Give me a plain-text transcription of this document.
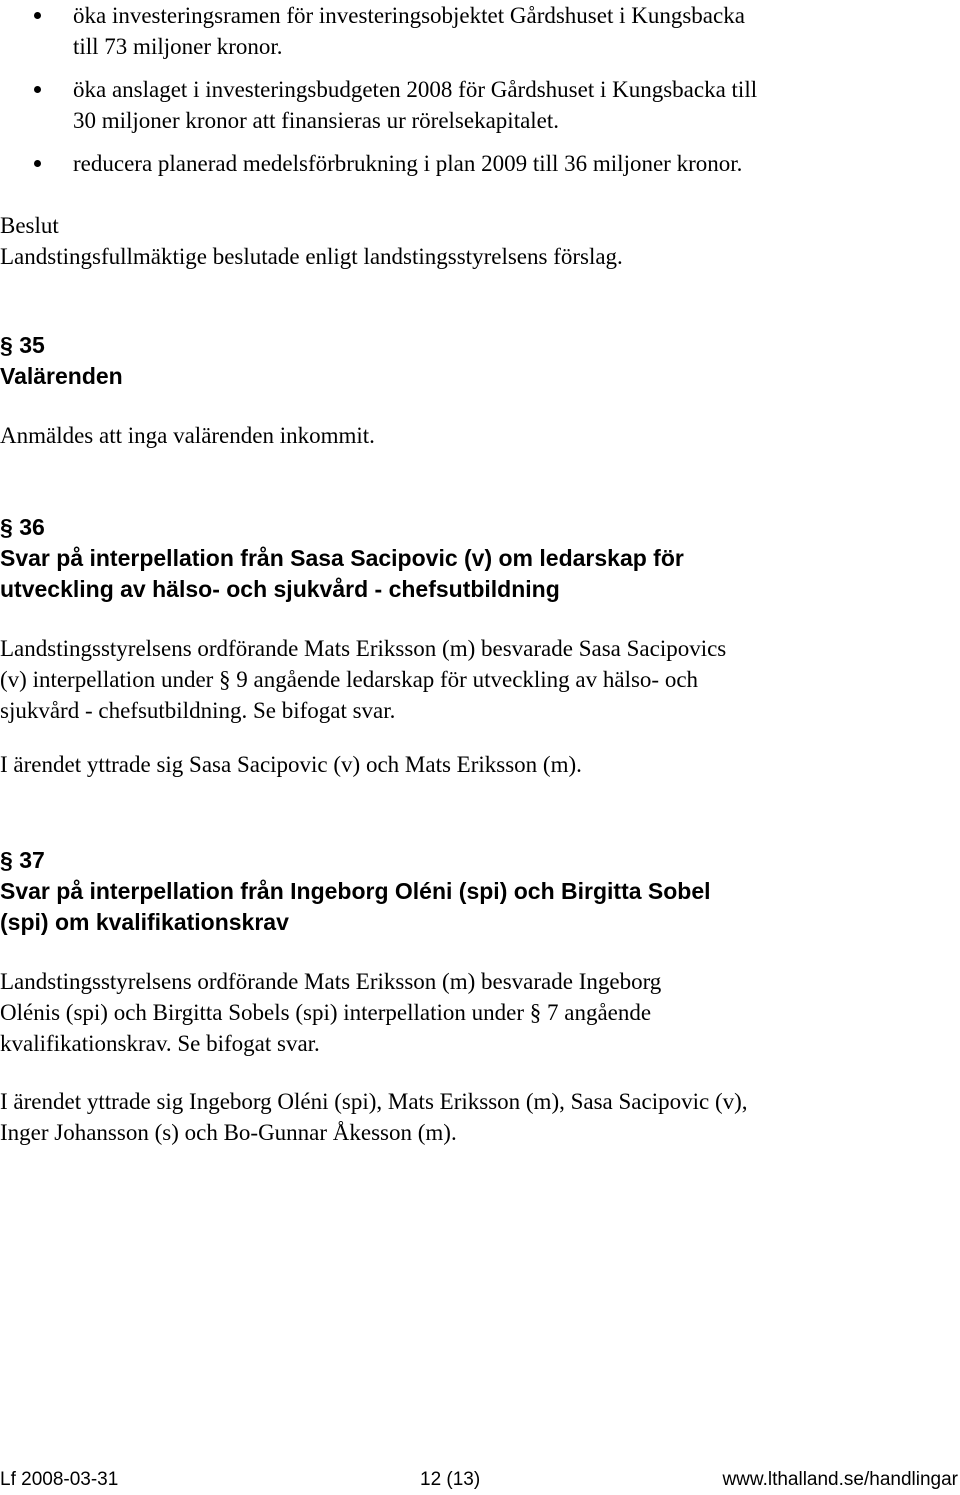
öka investeringsramen för investeringsobjektet Gårdshuset i Kungsbacka
till 73 miljoner kronor.
öka anslaget i investeringsbudgeten 2008 för Gårdshuset i Kungsbacka till
30 miljoner kronor att finansieras ur rörelsekapitalet.
reducera planerad medelsförbrukning i plan 2009 till 36 miljoner kronor.
Beslut
Landstingsfullmäktige beslutade enligt landstingsstyrelsens förslag.
§ 35
Valärenden
Anmäldes att inga valärenden inkommit.
§ 36
Svar på interpellation från Sasa Sacipovic (v) om ledarskap för
utveckling av hälso- och sjukvård - chefsutbildning
Landstingsstyrelsens ordförande Mats Eriksson (m) besvarade Sasa Sacipovics
(v) interpellation under § 9 angående ledarskap för utveckling av hälso- och
sjukvård - chefsutbildning. Se bifogat svar.
I ärendet yttrade sig Sasa Sacipovic (v) och Mats Eriksson (m).
§ 37
Svar på interpellation från Ingeborg Oléni (spi) och Birgitta Sobel
(spi) om kvalifikationskrav
Landstingsstyrelsens ordförande Mats Eriksson (m) besvarade Ingeborg
Olénis (spi) och Birgitta Sobels (spi) interpellation under § 7 angående
kvalifikationskrav. Se bifogat svar.
I ärendet yttrade sig Ingeborg Oléni (spi), Mats Eriksson (m), Sasa Sacipovic (v),
Inger Johansson (s) och Bo-Gunnar Åkesson (m).
Lf 2008-03-31	12 (13)	www.lthalland.se/handlingar
